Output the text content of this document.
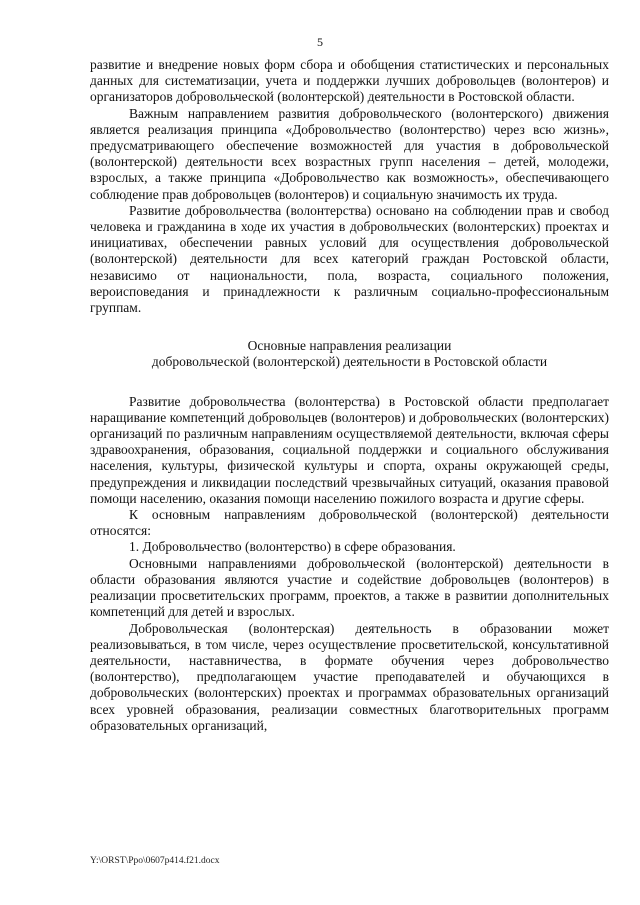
5

развитие и внедрение новых форм сбора и обобщения статистических и персональных данных для систематизации, учета и поддержки лучших добровольцев (волонтеров) и организаторов добровольческой (волонтерской) деятельности в Ростовской области.

Важным направлением развития добровольческого (волонтерского) движения является реализация принципа «Добровольчество (волонтерство) через всю жизнь», предусматривающего обеспечение возможностей для участия в добровольческой (волонтерской) деятельности всех возрастных групп населения – детей, молодежи, взрослых, а также принципа «Добровольчество как возможность», обеспечивающего соблюдение прав добровольцев (волонтеров) и социальную значимость их труда.

Развитие добровольчества (волонтерства) основано на соблюдении прав и свобод человека и гражданина в ходе их участия в добровольческих (волонтерских) проектах и инициативах, обеспечении равных условий для осуществления добровольческой (волонтерской) деятельности для всех категорий граждан Ростовской области, независимо от национальности, пола, возраста, социального положения, вероисповедания и принадлежности к различным социально-профессиональным группам.

Основные направления реализации
добровольческой (волонтерской) деятельности в Ростовской области

Развитие добровольчества (волонтерства) в Ростовской области предполагает наращивание компетенций добровольцев (волонтеров) и добровольческих (волонтерских) организаций по различным направлениям осуществляемой деятельности, включая сферы здравоохранения, образования, социальной поддержки и социального обслуживания населения, культуры, физической культуры и спорта, охраны окружающей среды, предупреждения и ликвидации последствий чрезвычайных ситуаций, оказания правовой помощи населению, оказания помощи населению пожилого возраста и другие сферы.

К основным направлениям добровольческой (волонтерской) деятельности относятся:

1. Добровольчество (волонтерство) в сфере образования.

Основными направлениями добровольческой (волонтерской) деятельности в области образования являются участие и содействие добровольцев (волонтеров) в реализации просветительских программ, проектов, а также в развитии дополнительных компетенций для детей и взрослых.

Добровольческая (волонтерская) деятельность в образовании может реализовываться, в том числе, через осуществление просветительской, консультативной деятельности, наставничества, в формате обучения через добровольчество (волонтерство), предполагающем участие преподавателей и обучающихся в добровольческих (волонтерских) проектах и программах образовательных организаций всех уровней образования, реализации совместных благотворительных программ образовательных организаций,

Y:\ORST\Ppo\0607p414.f21.docx
